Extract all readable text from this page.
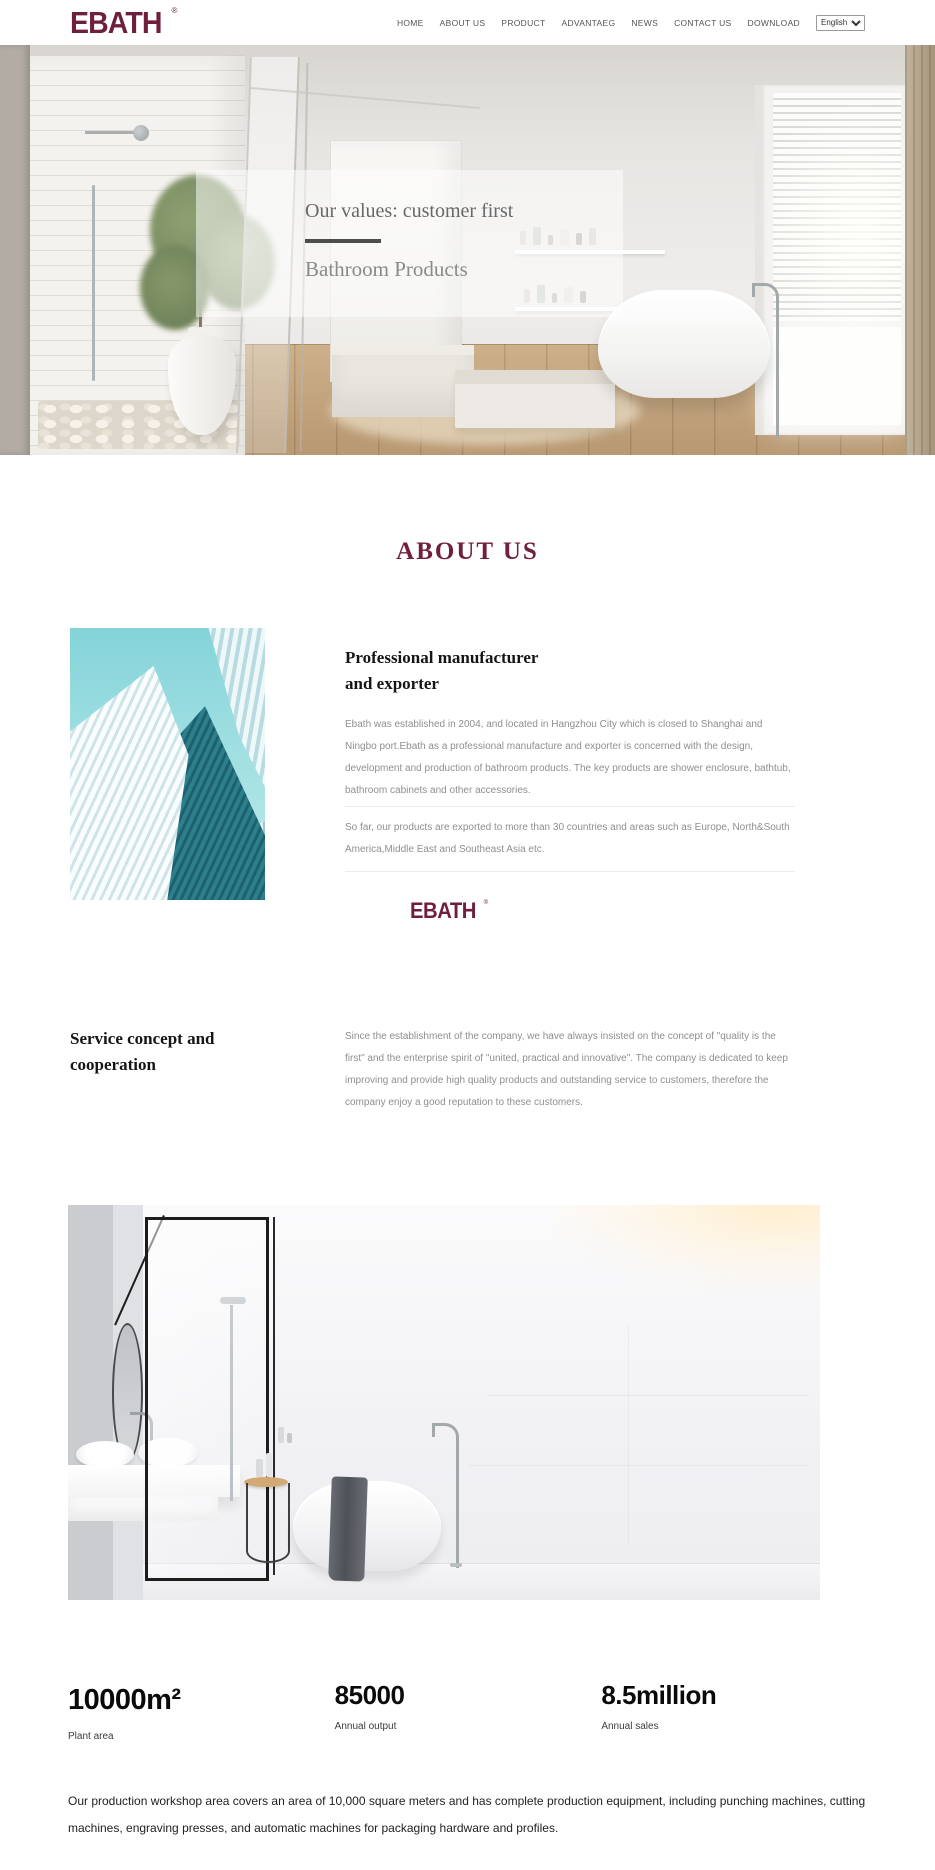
EBATH ®
HOME ABOUT US PRODUCT ADVANTAEG NEWS CONTACT US DOWNLOAD
English
Our values: customer first
Bathroom Products
ABOUT US
Professional manufacturer
and exporter

Ebath was established in 2004, and located in Hangzhou City which is closed to Shanghai and Ningbo port.Ebath as a professional manufacture and exporter is concerned with the design, development and production of bathroom products. The key products are shower enclosure, bathtub, bathroom cabinets and other accessories.

So far, our products are exported to more than 30 countries and areas such as Europe, North&South America,Middle East and Southeast Asia etc.

EBATH ®
Service concept and
cooperation

Since the establishment of the company, we have always insisted on the concept of "quality is the first" and the enterprise spirit of "united, practical and innovative". The company is dedicated to keep improving and provide high quality products and outstanding service to customers, therefore the company enjoy a good reputation to these customers.

10000m²
Plant area
85000
Annual output
8.5million
Annual sales

Our production workshop area covers an area of 10,000 square meters and has complete production equipment, including punching machines, cutting machines, engraving presses, and automatic machines for packaging hardware and profiles.
